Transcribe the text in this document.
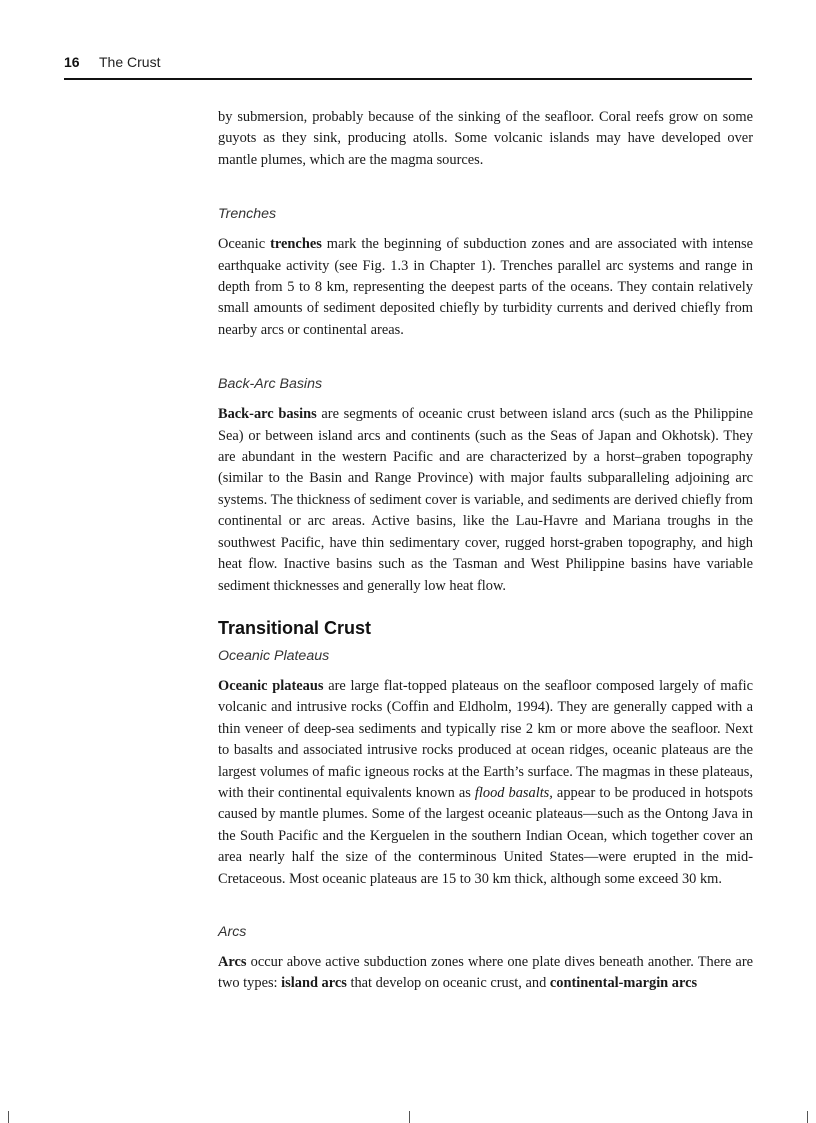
16 The Crust

by submersion, probably because of the sinking of the seafloor. Coral reefs grow on some guyots as they sink, producing atolls. Some volcanic islands may have developed over mantle plumes, which are the magma sources.

Trenches

Oceanic trenches mark the beginning of subduction zones and are associated with intense earthquake activity (see Fig. 1.3 in Chapter 1). Trenches parallel arc systems and range in depth from 5 to 8 km, representing the deepest parts of the oceans. They contain relatively small amounts of sediment deposited chiefly by turbidity currents and derived chiefly from nearby arcs or continental areas.

Back-Arc Basins

Back-arc basins are segments of oceanic crust between island arcs (such as the Philippine Sea) or between island arcs and continents (such as the Seas of Japan and Okhotsk). They are abundant in the western Pacific and are characterized by a horst–graben topography (similar to the Basin and Range Province) with major faults subparalleling adjoining arc systems. The thickness of sediment cover is variable, and sediments are derived chiefly from continental or arc areas. Active basins, like the Lau-Havre and Mariana troughs in the southwest Pacific, have thin sedimentary cover, rugged horst-graben topography, and high heat flow. Inactive basins such as the Tasman and West Philippine basins have variable sediment thicknesses and generally low heat flow.

Transitional Crust
Oceanic Plateaus

Oceanic plateaus are large flat-topped plateaus on the seafloor composed largely of mafic volcanic and intrusive rocks (Coffin and Eldholm, 1994). They are generally capped with a thin veneer of deep-sea sediments and typically rise 2 km or more above the seafloor. Next to basalts and associated intrusive rocks produced at ocean ridges, oceanic plateaus are the largest volumes of mafic igneous rocks at the Earth’s surface. The magmas in these plateaus, with their continental equivalents known as flood basalts, appear to be produced in hotspots caused by mantle plumes. Some of the largest oceanic plateaus—such as the Ontong Java in the South Pacific and the Kerguelen in the southern Indian Ocean, which together cover an area nearly half the size of the conterminous United States—were erupted in the mid-Cretaceous. Most oceanic plateaus are 15 to 30 km thick, although some exceed 30 km.

Arcs

Arcs occur above active subduction zones where one plate dives beneath another. There are two types: island arcs that develop on oceanic crust, and continental-margin arcs
